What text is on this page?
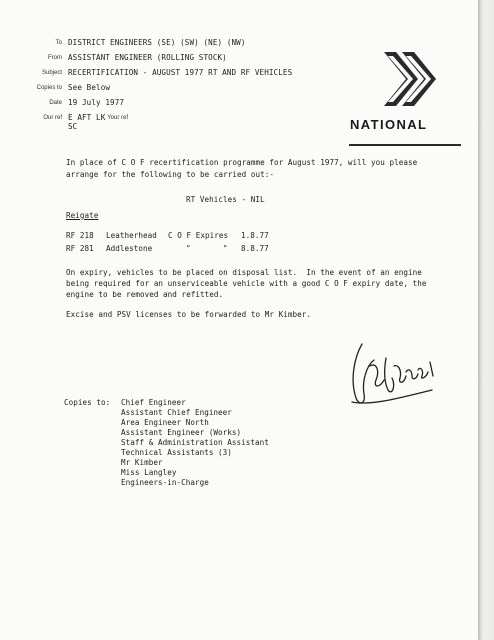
To
From
Subject
Copies to
Date
Our ref
DISTRICT ENGINEERS (SE) (SW) (NE) (NW)
ASSISTANT ENGINEER (ROLLING STOCK)
RECERTIFICATION - AUGUST 1977 RT AND RF VEHICLES
See Below
19 July 1977
E AFT LK Your ref
SC	NATIONAL
In place of C O F recertification programme for August 1977, will you please
arrange for the following to be carried out:-
RT Vehicles - NIL
Reigate
RF 218 Leatherhead C O F Expires 1.8.77
RF 281 Addlestone	"       " 8.8.77
On expiry, vehicles to be placed on disposal list.  In the event of an engine
being required for an unserviceable vehicle with a good C O F expiry date, the
engine to be removed and refitted.
Excise and PSV licenses to be forwarded to Mr Kimber.
Copies to: Chief Engineer
Assistant Chief Engineer
Area Engineer North
Assistant Engineer (Works)
Staff & Administration Assistant
Technical Assistants (3)
Mr Kimber
Miss Langley
Engineers-in-Charge
